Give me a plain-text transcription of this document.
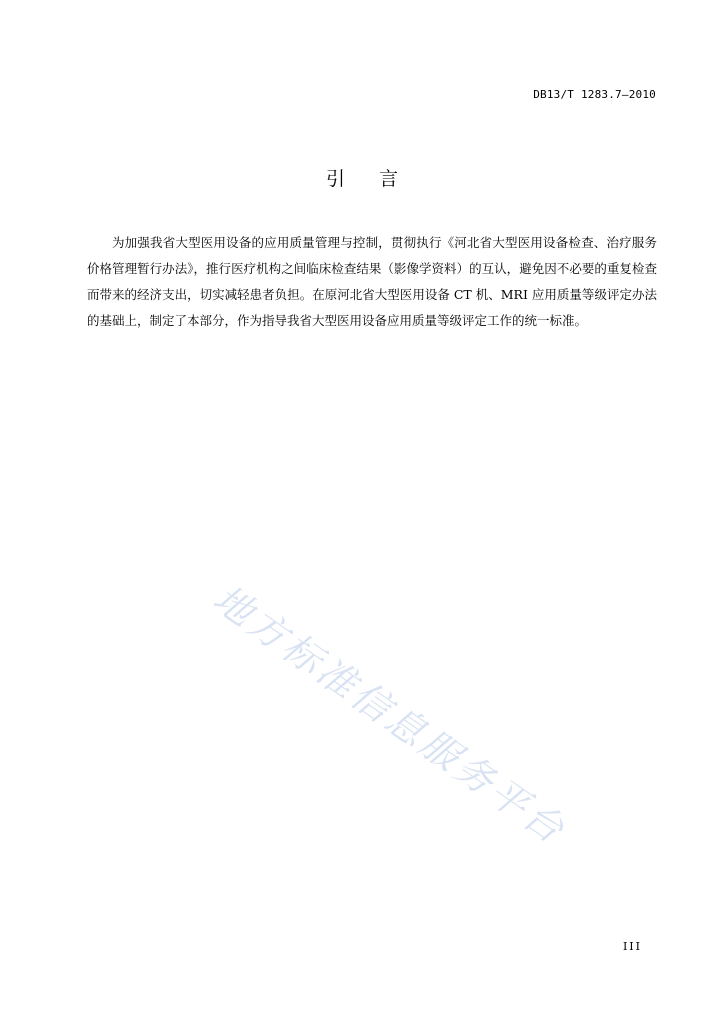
DB13/T 1283.7—2010
引言
为加强我省大型医用设备的应用质量管理与控制，贯彻执行《河北省大型医用设备检查、治疗服务价格管理暂行办法》，推行医疗机构之间临床检查结果（影像学资料）的互认，避免因不必要的重复检查而带来的经济支出，切实减轻患者负担。在原河北省大型医用设备 CT 机、MRI 应用质量等级评定办法的基础上，制定了本部分，作为指导我省大型医用设备应用质量等级评定工作的统一标准。
地方标准信息服务平台
III
